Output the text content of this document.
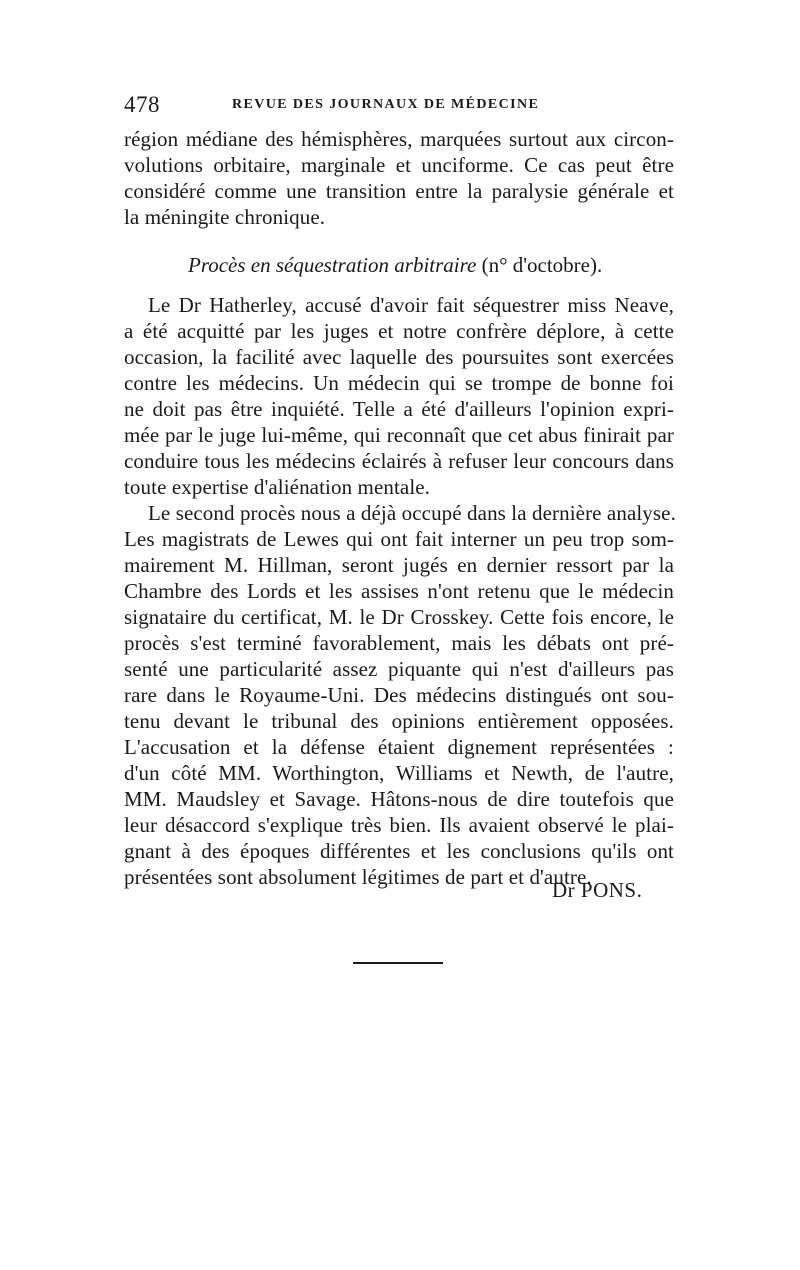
478	REVUE DES JOURNAUX DE MÉDECINE
région médiane des hémisphères, marquées surtout aux circon-
volutions orbitaire, marginale et unciforme. Ce cas peut être
considéré comme une transition entre la paralysie générale et
la méningite chronique.
Procès en séquestration arbitraire (n° d'octobre).
Le Dr Hatherley, accusé d'avoir fait séquestrer miss Neave,
a été acquitté par les juges et notre confrère déplore, à cette
occasion, la facilité avec laquelle des poursuites sont exercées
contre les médecins. Un médecin qui se trompe de bonne foi
ne doit pas être inquiété. Telle a été d'ailleurs l'opinion expri-
mée par le juge lui-même, qui reconnaît que cet abus finirait par
conduire tous les médecins éclairés à refuser leur concours dans
toute expertise d'aliénation mentale.
Le second procès nous a déjà occupé dans la dernière analyse.
Les magistrats de Lewes qui ont fait interner un peu trop som-
mairement M. Hillman, seront jugés en dernier ressort par la
Chambre des Lords et les assises n'ont retenu que le médecin
signataire du certificat, M. le Dr Crosskey. Cette fois encore, le
procès s'est terminé favorablement, mais les débats ont pré-
senté une particularité assez piquante qui n'est d'ailleurs pas
rare dans le Royaume-Uni. Des médecins distingués ont sou-
tenu devant le tribunal des opinions entièrement opposées.
L'accusation et la défense étaient dignement représentées :
d'un côté MM. Worthington, Williams et Newth, de l'autre,
MM. Maudsley et Savage. Hâtons-nous de dire toutefois que
leur désaccord s'explique très bien. Ils avaient observé le plai-
gnant à des époques différentes et les conclusions qu'ils ont
présentées sont absolument légitimes de part et d'autre.
Dr PONS.
